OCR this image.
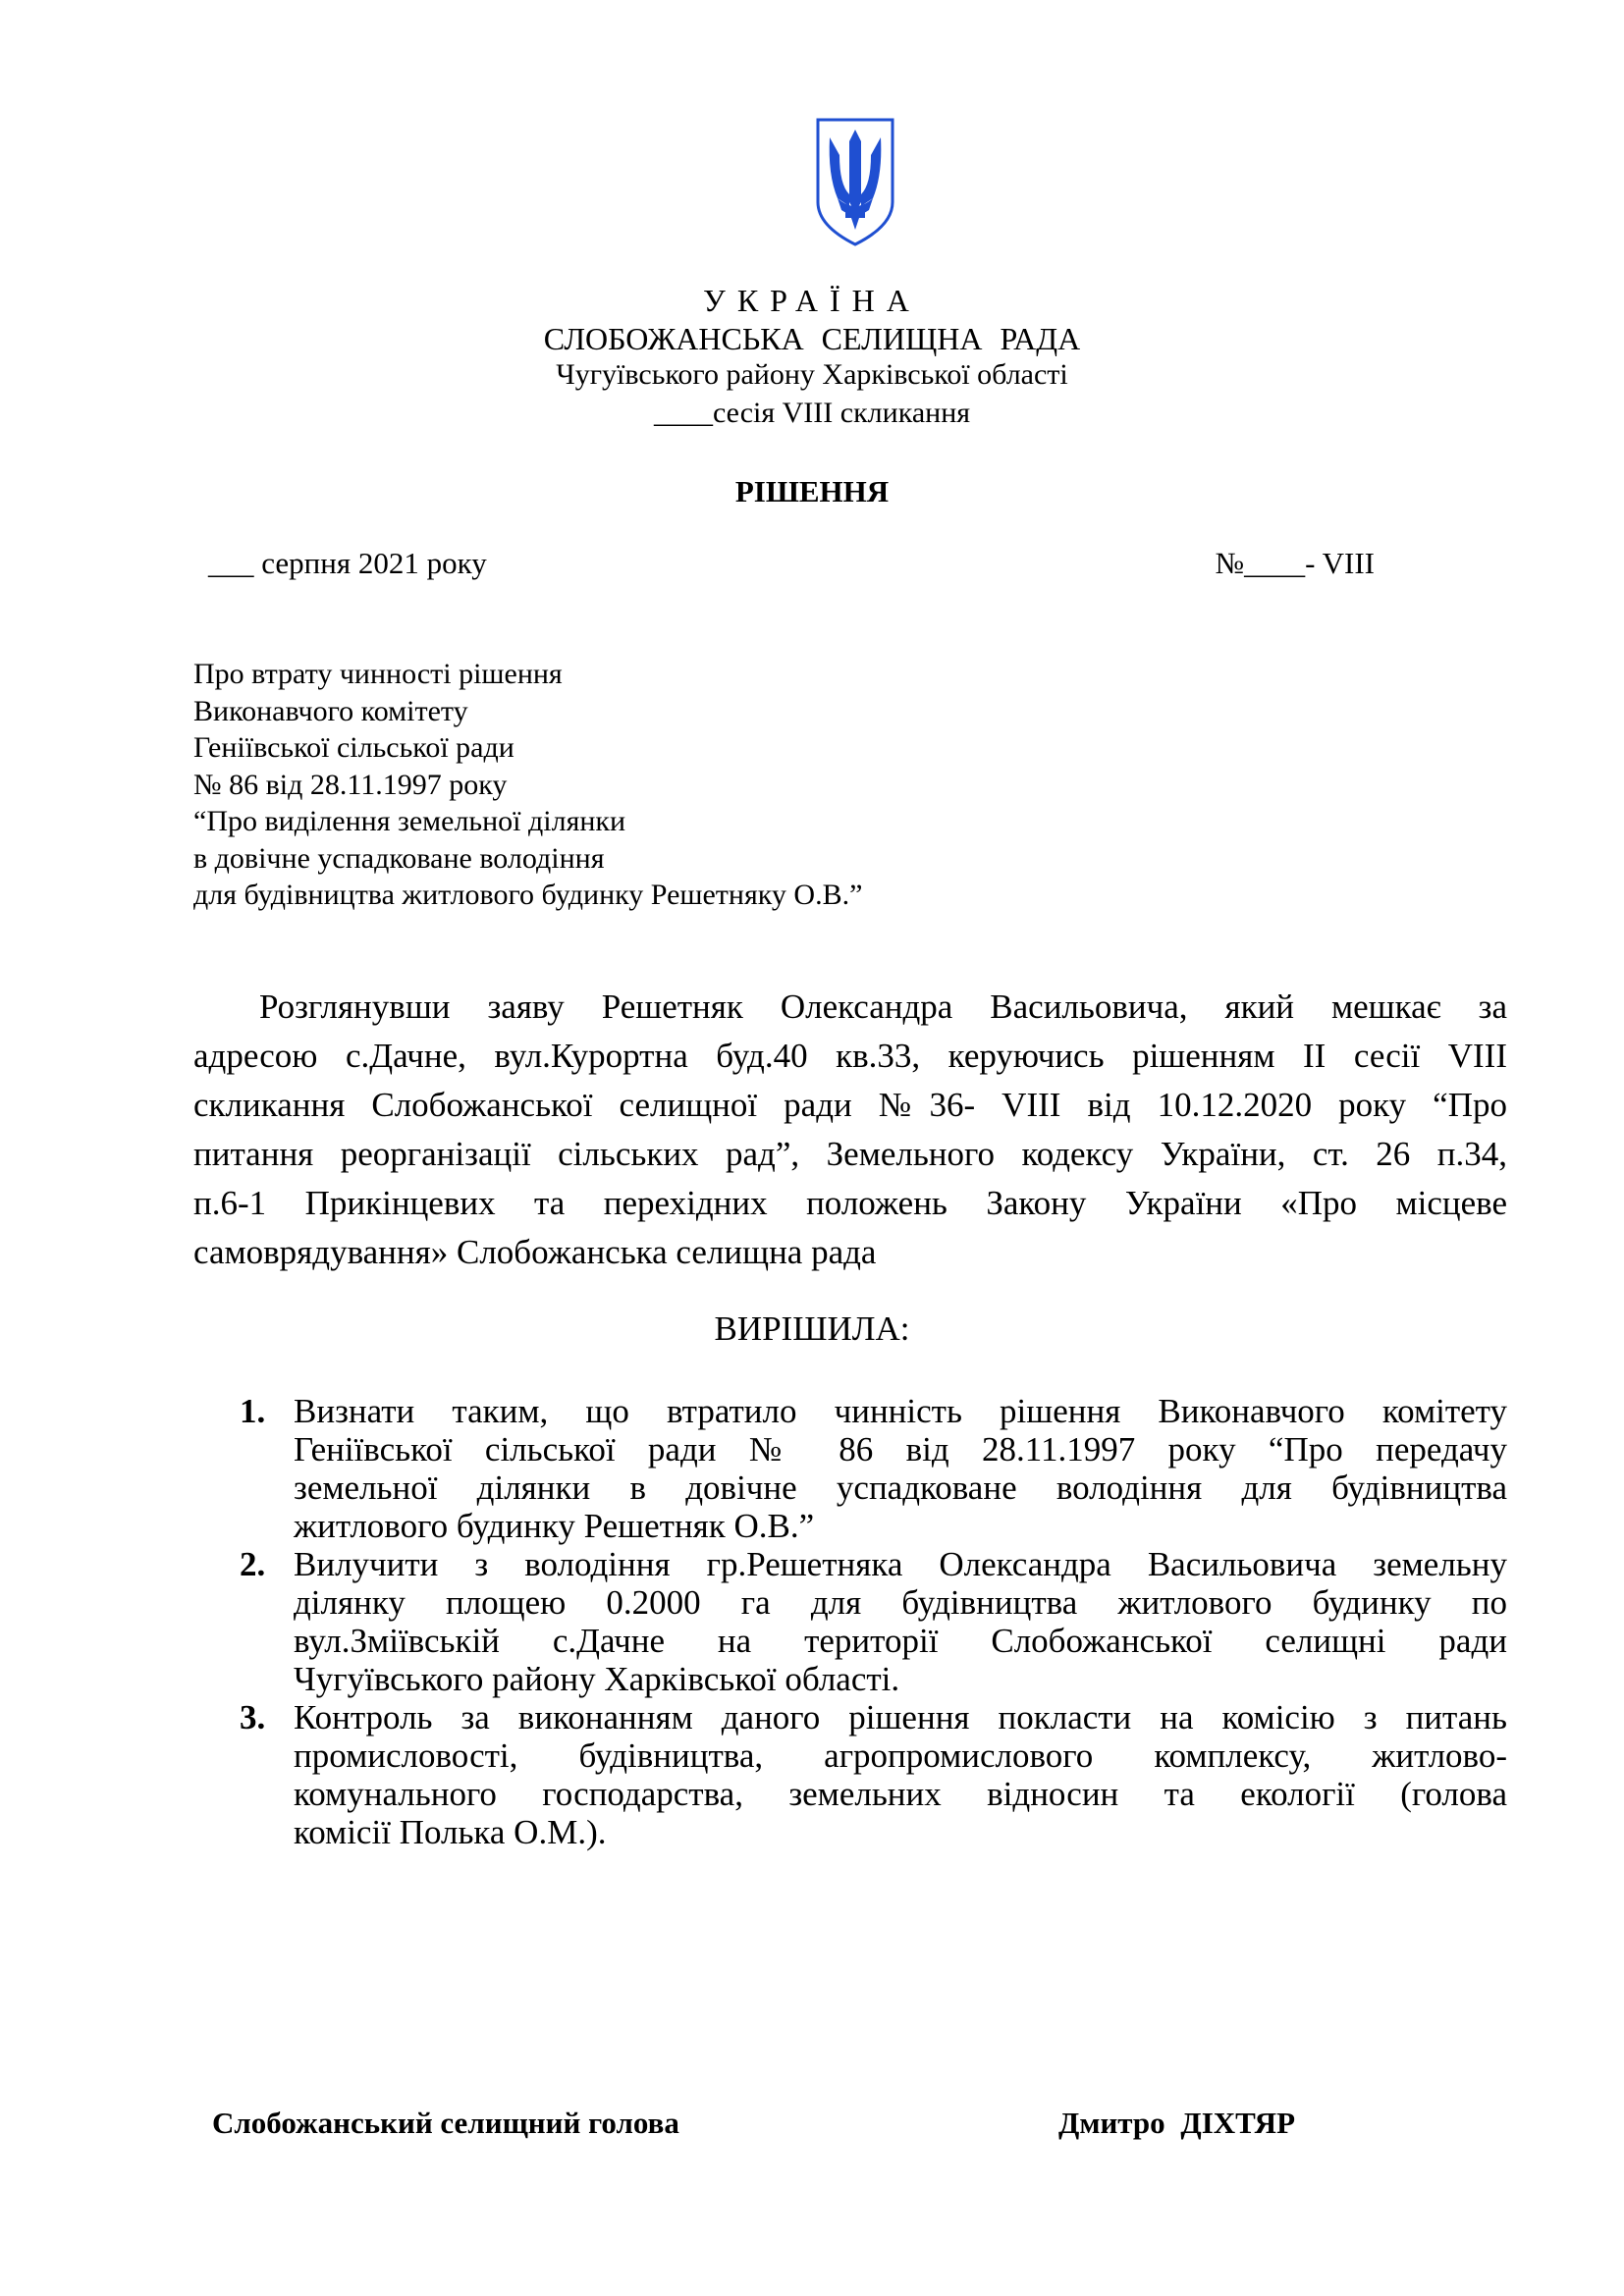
УКРАЇНА
СЛОБОЖАНСЬКА СЕЛИЩНА РАДА
Чугуївського району Харківської області
____сесія VIII скликання
РІШЕННЯ
___ серпня 2021 року	№____- VIII
Про втрату чинності рішення
Виконавчого комітету
Геніївської сільської ради
№ 86 від 28.11.1997 року
“Про виділення земельної ділянки
в довічне успадковане володіння
для будівництва житлового будинку Решетняку О.В.”
Розглянувши заяву Решетняк Олександра Васильовича, який мешкає за
адресою с.Дачне, вул.Курортна буд.40 кв.33, керуючись рішенням ІІ сесії VIII
скликання Слобожанської селищної ради №36- VIII від 10.12.2020 року “Про
питання реорганізації сільських рад”, Земельного кодексу України, ст. 26 п.34,
п.6-1 Прикінцевих та перехідних положень Закону України «Про місцеве
самоврядування» Слобожанська селищна рада
ВИРІШИЛА:
1. Визнати таким, що втратило чинність рішення Виконавчого комітету
Геніївської сільської ради № 86 від 28.11.1997 року “Про передачу
земельної ділянки в довічне успадковане володіння для будівництва
житлового будинку Решетняк О.В.”
2. Вилучити з володіння гр.Решетняка Олександра Васильовича земельну
ділянку площею 0.2000 га для будівництва житлового будинку по
вул.Зміївській с.Дачне на території Слобожанської селищні ради
Чугуївського району Харківської області.
3. Контроль за виконанням даного рішення покласти на комісію з питань
промисловості, будівництва, агропромислового комплексу, житлово-
комунального господарства, земельних відносин та екології (голова
комісії Полька О.М.).
Слобожанський селищний голова	Дмитро ДІХТЯР
